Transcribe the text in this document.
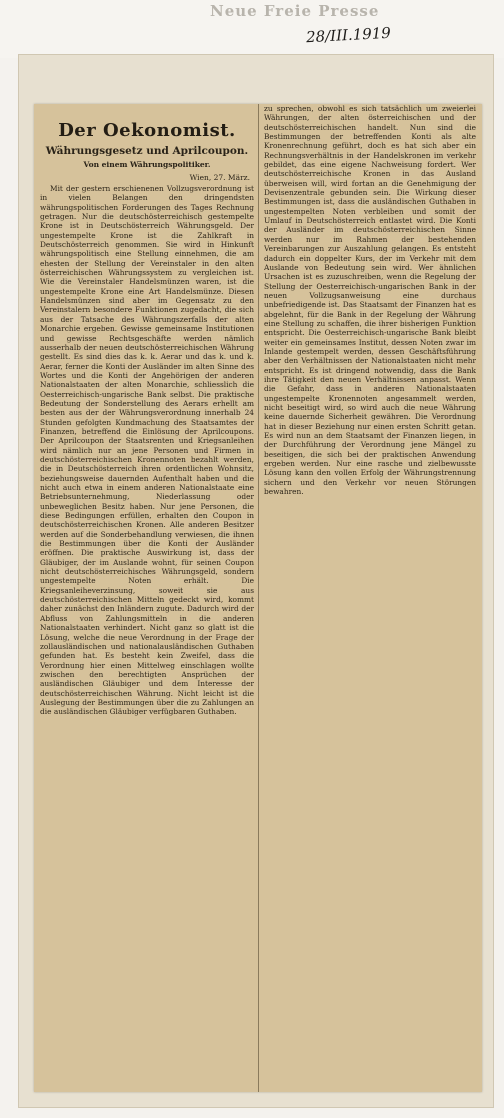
Neue Freie Presse
28/III.1919
Der Oekonomist.
Währungsgesetz und Aprilcoupon.
Von einem Währungspolitiker.
Wien, 27. März.

Mit der gestern erschienenen Vollzugsverordnung ist in vielen Belangen den dringendsten währungspolitischen Forderungen des Tages Rechnung getragen. Nur die deutschösterreichisch gestempelte Krone ist in Deutschösterreich Währungsgeld. Der ungestempelte Krone ist die Zahlkraft in Deutschösterreich genommen. Sie wird in Hinkunft währungspolitisch eine Stellung einnehmen, die am ehesten der Stellung der Vereinstaler in den alten österreichischen Währungssystem zu vergleichen ist. Wie die Vereinstaler Handelsmünzen waren, ist die ungestempelte Krone eine Art Handelsmünze. Diesen Handelsmünzen sind aber im Gegensatz zu den Vereinstalern besondere Funktionen zugedacht, die sich aus der Tatsache des Währungszerfalls der alten Monarchie ergeben. Gewisse gemeinsame Institutionen und gewisse Rechtsgeschäfte werden nämlich ausserhalb der neuen deutschösterreichischen Währung gestellt. Es sind dies das k. k. Aerar und das k. und k. Aerar, ferner die Konti der Ausländer im alten Sinne des Wortes und die Konti der Angehörigen der anderen Nationalstaaten der alten Monarchie, schliesslich die Oesterreichisch-ungarische Bank selbst. Die praktische Bedeutung der Sonderstellung des Aerars erhellt am besten aus der der Währungsverordnung innerhalb 24 Stunden gefolgten Kundmachung des Staatsamtes der Finanzen, betreffend die Einlösung der Aprilcoupons. Der Aprilcoupon der Staatsrenten und Kriegsanleihen wird nämlich nur an jene Personen und Firmen in deutschösterreichischen Kronennoten bezahlt werden, die in Deutschösterreich ihren ordentlichen Wohnsitz, beziehungsweise dauernden Aufenthalt haben und die nicht auch etwa in einem anderen Nationalstaate eine Betriebsunternehmung, Niederlassung oder unbeweglichen Besitz haben. Nur jene Personen, die diese Bedingungen erfüllen, erhalten den Coupon in deutschösterreichischen Kronen. Alle anderen Besitzer werden auf die Sonderbehandlung verwiesen, die ihnen die Bestimmungen über die Konti der Ausländer eröffnen. Die praktische Auswirkung ist, dass der Gläubiger, der im Auslande wohnt, für seinen Coupon nicht deutschösterreichisches Währungsgeld, sondern ungestempelte Noten erhält. Die Kriegsanleiheverzinsung, soweit sie aus deutschösterreichischen Mitteln gedeckt wird, kommt daher zunächst den Inländern zugute. Dadurch wird der Abfluss von Zahlungsmitteln in die anderen Nationalstaaten verhindert. Nicht ganz so glatt ist die Lösung, welche die neue Verordnung in der Frage der zollausländischen und nationalausländischen Guthaben gefunden hat. Es besteht kein Zweifel, dass die Verordnung hier einen Mittelweg einschlagen wollte zwischen den berechtigten Ansprüchen der ausländischen Gläubiger und dem Interesse der deutschösterreichischen Währung. Nicht leicht ist die Auslegung der Bestimmungen über die zu Zahlungen an die ausländischen Gläubiger verfügbaren Guthaben.

zu sprechen, obwohl es sich tatsächlich um zweierlei Währungen, der alten österreichischen und der deutschösterreichischen handelt. Nun sind die Bestimmungen der betreffenden Konti als alte Kronenrechnung geführt, doch es hat sich aber ein Rechnungsverhältnis in der Handelskronen im verkehr gebildet, das eine eigene Nachweisung fordert. Wer deutschösterreichische Kronen in das Ausland überweisen will, wird fortan an die Genehmigung der Devisenzentrale gebunden sein. Die Wirkung dieser Bestimmungen ist, dass die ausländischen Guthaben in ungestempelten Noten verbleiben und somit der Umlauf in Deutschösterreich entlastet wird. Die Konti der Ausländer im deutschösterreichischen Sinne werden nur im Rahmen der bestehenden Vereinbarungen zur Auszahlung gelangen. Es entsteht dadurch ein doppelter Kurs, der im Verkehr mit dem Auslande von Bedeutung sein wird. Wer ähnlichen Ursachen ist es zuzuschreiben, wenn die Regelung der Stellung der Oesterreichisch-ungarischen Bank in der neuen Vollzugsanweisung eine durchaus unbefriedigende ist. Das Staatsamt der Finanzen hat es abgelehnt, für die Bank in der Regelung der Währung eine Stellung zu schaffen, die ihrer bisherigen Funktion entspricht. Die Oesterreichisch-ungarische Bank bleibt weiter ein gemeinsames Institut, dessen Noten zwar im Inlande gestempelt werden, dessen Geschäftsführung aber den Verhältnissen der Nationalstaaten nicht mehr entspricht. Es ist dringend notwendig, dass die Bank ihre Tätigkeit den neuen Verhältnissen anpasst. Wenn die Gefahr, dass in anderen Nationalstaaten ungestempelte Kronennoten angesammelt werden, nicht beseitigt wird, so wird auch die neue Währung keine dauernde Sicherheit gewähren. Die Verordnung hat in dieser Beziehung nur einen ersten Schritt getan. Es wird nun an dem Staatsamt der Finanzen liegen, in der Durchführung der Verordnung jene Mängel zu beseitigen, die sich bei der praktischen Anwendung ergeben werden. Nur eine rasche und zielbewusste Lösung kann den vollen Erfolg der Währungstrennung sichern und den Verkehr vor neuen Störungen bewahren.
